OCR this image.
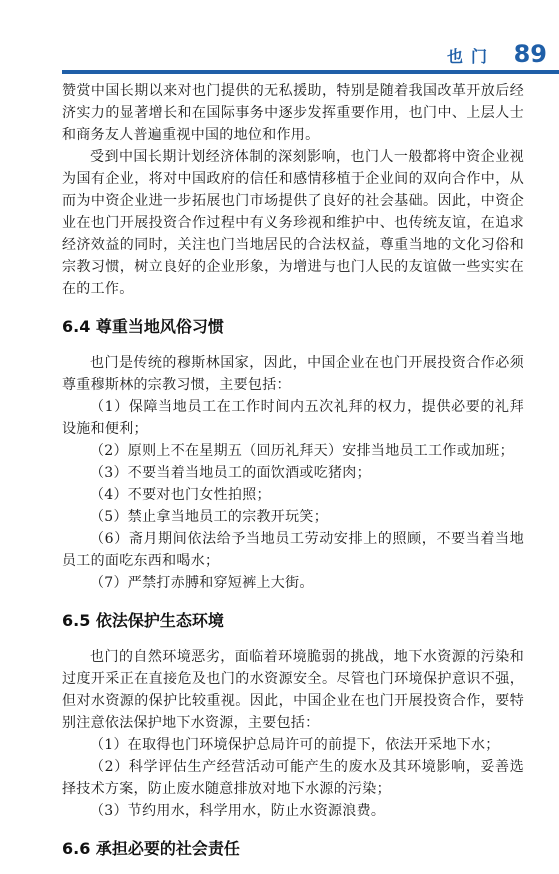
也门 89

赞赏中国长期以来对也门提供的无私援助，特别是随着我国改革开放后经济实力的显著增长和在国际事务中逐步发挥重要作用，也门中、上层人士和商务友人普遍重视中国的地位和作用。

受到中国长期计划经济体制的深刻影响，也门人一般都将中资企业视为国有企业，将对中国政府的信任和感情移植于企业间的双向合作中，从而为中资企业进一步拓展也门市场提供了良好的社会基础。因此，中资企业在也门开展投资合作过程中有义务珍视和维护中、也传统友谊，在追求经济效益的同时，关注也门当地居民的合法权益，尊重当地的文化习俗和宗教习惯，树立良好的企业形象，为增进与也门人民的友谊做一些实实在在的工作。

6.4 尊重当地风俗习惯

也门是传统的穆斯林国家，因此，中国企业在也门开展投资合作必须尊重穆斯林的宗教习惯，主要包括：

（1）保障当地员工在工作时间内五次礼拜的权力，提供必要的礼拜设施和便利；

（2）原则上不在星期五（回历礼拜天）安排当地员工工作或加班；

（3）不要当着当地员工的面饮酒或吃猪肉；

（4）不要对也门女性拍照；

（5）禁止拿当地员工的宗教开玩笑；

（6）斋月期间依法给予当地员工劳动安排上的照顾，不要当着当地员工的面吃东西和喝水；

（7）严禁打赤膊和穿短裤上大街。

6.5 依法保护生态环境

也门的自然环境恶劣，面临着环境脆弱的挑战，地下水资源的污染和过度开采正在直接危及也门的水资源安全。尽管也门环境保护意识不强，但对水资源的保护比较重视。因此，中国企业在也门开展投资合作，要特别注意依法保护地下水资源，主要包括：

（1）在取得也门环境保护总局许可的前提下，依法开采地下水；

（2）科学评估生产经营活动可能产生的废水及其环境影响，妥善选择技术方案，防止废水随意排放对地下水源的污染；

（3）节约用水，科学用水，防止水资源浪费。

6.6 承担必要的社会责任
